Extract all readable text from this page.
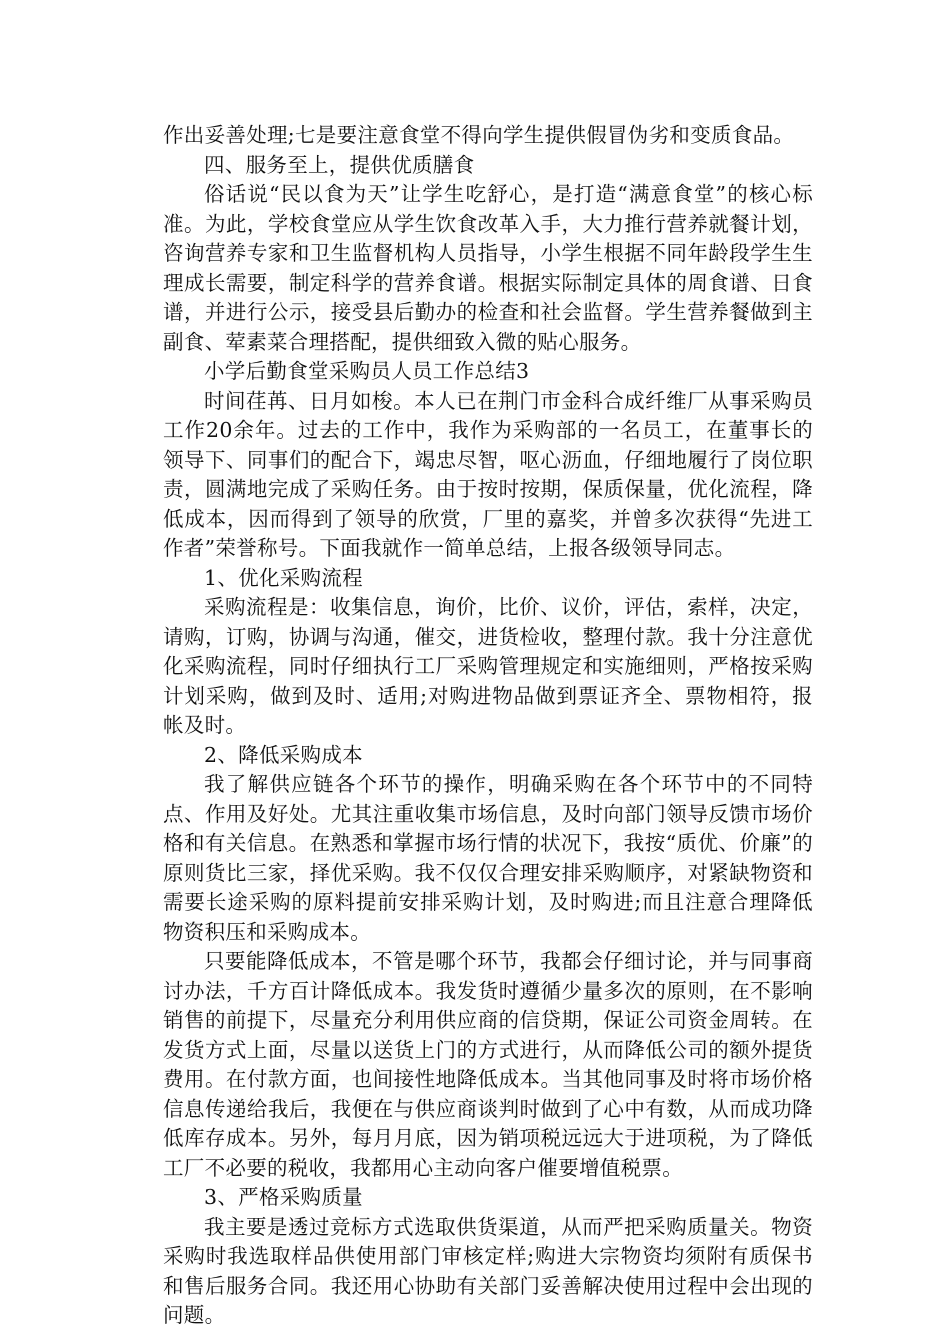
作出妥善处理;七是要注意食堂不得向学生提供假冒伪劣和变质食品。

四、服务至上，提供优质膳食

俗话说“民以食为天”让学生吃舒心，是打造“满意食堂”的核心标准。为此，学校食堂应从学生饮食改革入手，大力推行营养就餐计划，咨询营养专家和卫生监督机构人员指导，小学生根据不同年龄段学生生理成长需要，制定科学的营养食谱。根据实际制定具体的周食谱、日食谱，并进行公示，接受县后勤办的检查和社会监督。学生营养餐做到主副食、荤素菜合理搭配，提供细致入微的贴心服务。

小学后勤食堂采购员人员工作总结3

时间荏苒、日月如梭。本人已在荆门市金科合成纤维厂从事采购员工作20余年。过去的工作中，我作为采购部的一名员工，在董事长的领导下、同事们的配合下，竭忠尽智，呕心沥血，仔细地履行了岗位职责，圆满地完成了采购任务。由于按时按期，保质保量，优化流程，降低成本，因而得到了领导的欣赏，厂里的嘉奖，并曾多次获得“先进工作者”荣誉称号。下面我就作一简单总结，上报各级领导同志。

1、优化采购流程

采购流程是：收集信息，询价，比价、议价，评估，索样，决定，请购，订购，协调与沟通，催交，进货检收，整理付款。我十分注意优化采购流程，同时仔细执行工厂采购管理规定和实施细则，严格按采购计划采购，做到及时、适用;对购进物品做到票证齐全、票物相符，报帐及时。

2、降低采购成本

我了解供应链各个环节的操作，明确采购在各个环节中的不同特点、作用及好处。尤其注重收集市场信息，及时向部门领导反馈市场价格和有关信息。在熟悉和掌握市场行情的状况下，我按“质优、价廉”的原则货比三家，择优采购。我不仅仅合理安排采购顺序，对紧缺物资和需要长途采购的原料提前安排采购计划，及时购进;而且注意合理降低物资积压和采购成本。

只要能降低成本，不管是哪个环节，我都会仔细讨论，并与同事商讨办法，千方百计降低成本。我发货时遵循少量多次的原则，在不影响销售的前提下，尽量充分利用供应商的信贷期，保证公司资金周转。在发货方式上面，尽量以送货上门的方式进行，从而降低公司的额外提货费用。在付款方面，也间接性地降低成本。当其他同事及时将市场价格信息传递给我后，我便在与供应商谈判时做到了心中有数，从而成功降低库存成本。另外，每月月底，因为销项税远远大于进项税，为了降低工厂不必要的税收，我都用心主动向客户催要增值税票。

3、严格采购质量

我主要是透过竞标方式选取供货渠道，从而严把采购质量关。物资采购时我选取样品供使用部门审核定样;购进大宗物资均须附有质保书和售后服务合同。我还用心协助有关部门妥善解决使用过程中会出现的问题。
